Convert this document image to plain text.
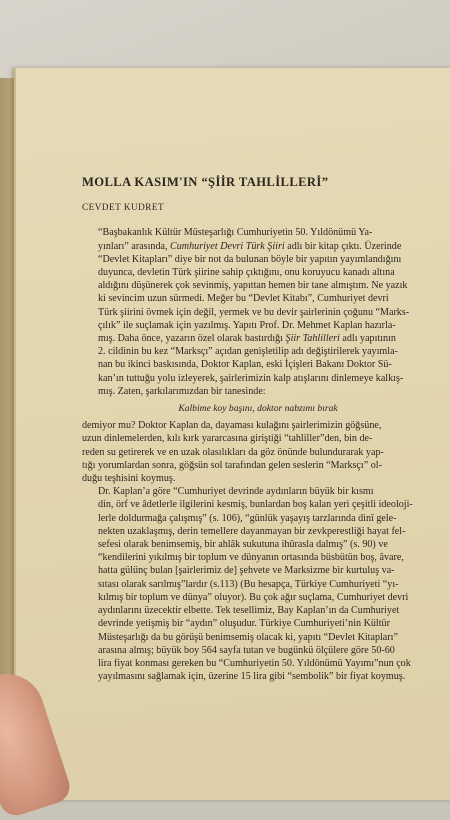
MOLLA KASIM'IN “ŞİİR TAHLİLLERİ”
CEVDET KUDRET
“Başbakanlık Kültür Müsteşarlığı Cumhuriyetin 50. Yıldönümü Ya-
yınları” arasında, Cumhuriyet Devri Türk Şiiri adlı bir kitap çıktı. Üzerinde
“Devlet Kitapları” diye bir not da bulunan böyle bir yapıtın yayımlandığını
duyunca, devletin Türk şiirine sahip çıktığını, onu koruyucu kanadı altına
aldığını düşünerek çok sevinmiş, yapıttan hemen bir tane almıştım. Ne yazık
ki sevincim uzun sürmedi. Meğer bu “Devlet Kitabı”, Cumhuriyet devri
Türk şiirini övmek için değil, yermek ve bu devir şairlerinin çoğunu “Marks-
çılık” ile suçlamak için yazılmış. Yapıtı Prof. Dr. Mehmet Kaplan hazırla-
mış. Daha önce, yazarın özel olarak bastırdığı Şiir Tahlilleri adlı yapıtının
2. cildinin bu kez “Marksçı” açıdan genişletilip adı değiştirilerek yayımla-
nan bu ikinci baskısında, Doktor Kaplan, eski İçişleri Bakanı Doktor Sü-
kan’ın tuttuğu yolu izleyerek, şairlerimizin kalp atışlarını dinlemeye kalkış-
mış. Zaten, şarkılarımızdan bir tanesinde:
Kalbime koy başını, doktor nabzımı bırak
demiyor mu? Doktor Kaplan da, dayaması kulağını şairlerimizin göğsüne,
uzun dinlemelerden, kılı kırk yararcasına giriştiği “tahliller”den, bin de-
reden su getirerek ve en uzak olasılıkları da göz önünde bulundurarak yap-
tığı yorumlardan sonra, göğsün sol tarafından gelen seslerin “Marksçı” ol-
duğu teşhisini koymuş.
Dr. Kaplan’a göre “Cumhuriyet devrinde aydınların büyük bir kısmı
din, örf ve âdetlerle ilgilerini kesmiş, bunlardan boş kalan yeri çeşitli ideoloji-
lerle doldurmağa çalışmış” (s. 106), “günlük yaşayış tarzlarında dinî gele-
nekten uzaklaşmış, derin temellere dayanmayan bir zevkperestliği hayat fel-
sefesi olarak benimsemiş, bir ahlâk sukutuna ihûrasla dalmış” (s. 90) ve
“kendilerini yıkılmış bir toplum ve dünyanın ortasında büsbütün boş, âvare,
hatta gülünç bulan [şairlerimiz de] şehvete ve Marksizme bir kurtuluş va-
sıtası olarak sarılmış”lardır (s.113) (Bu hesapça, Türkiye Cumhuriyeti “yı-
kılmış bir toplum ve dünya” oluyor). Bu çok ağır suçlama, Cumhuriyet devri
aydınlarını üzecektir elbette. Tek tesellimiz, Bay Kaplan’ın da Cumhuriyet
devrinde yetişmiş bir “aydın” oluşudur. Türkiye Cumhuriyeti’nin Kültür
Müsteşarlığı da bu görüşü benimsemiş olacak ki, yapıtı “Devlet Kitapları”
arasına almış; büyük boy 564 sayfa tutan ve bugünkü ölçülere göre 50-60
lira fiyat konması gereken bu “Cumhuriyetin 50. Yıldönümü Yayımı”nun çok
yayılmasını sağlamak için, üzerine 15 lira gibi “sembolik” bir fiyat koymuş.
